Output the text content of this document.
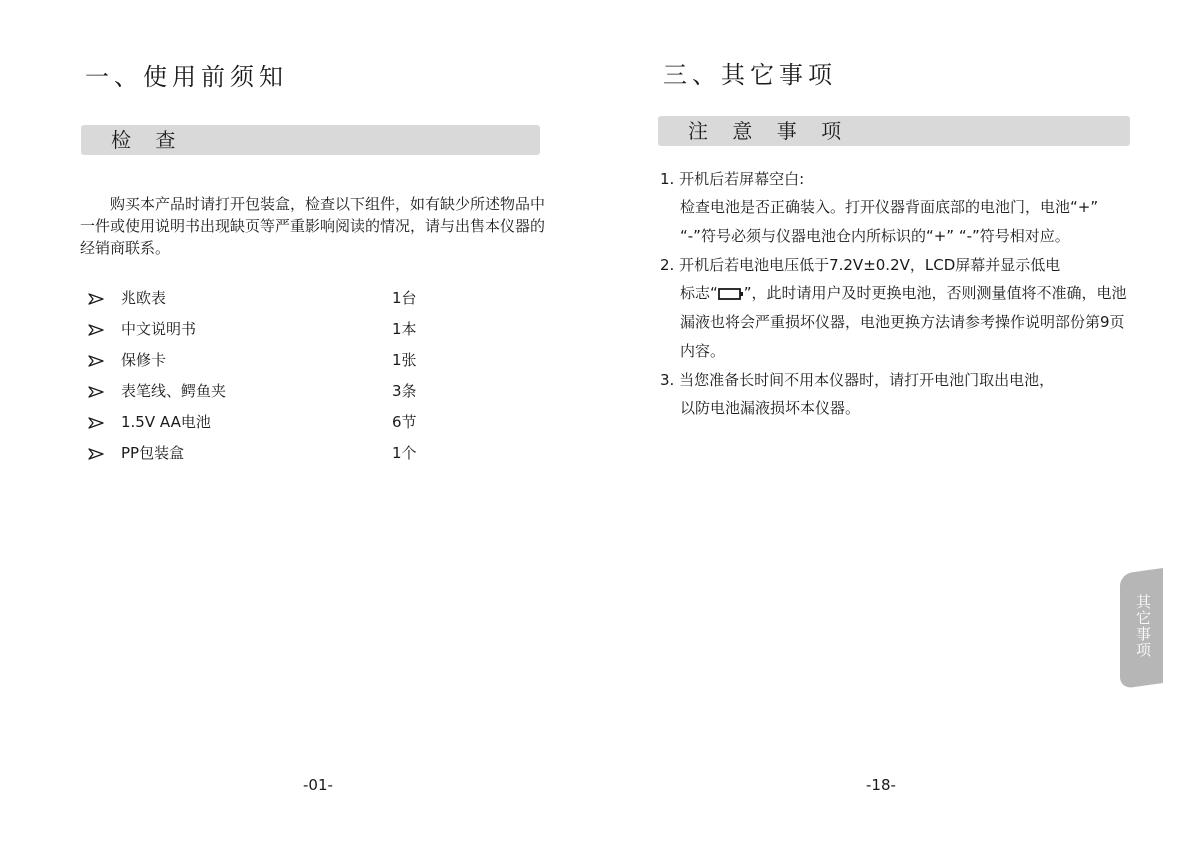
一、使用前须知
检 查

购买本产品时请打开包装盒，检查以下组件，如有缺少所述物品中一件或使用说明书出现缺页等严重影响阅读的情况，请与出售本仪器的经销商联系。

兆欧表	1台
中文说明书	1本
保修卡	1张
表笔线、鳄鱼夹	3条
1.5V AA电池	6节
PP包装盒	1个
-01-
三、其它事项
注 意 事 项
1. 开机后若屏幕空白:
检查电池是否正确装入。打开仪器背面底部的电池门，电池“+” “-”符号必须与仪器电池仓内所标识的“+” “-”符号相对应。
2. 开机后若电池电压低于7.2V±0.2V，LCD屏幕并显示低电
标志“ ”，此时请用户及时更换电池，否则测量值将不准确，电池漏液也将会严重损坏仪器，电池更换方法请参考操作说明部份第9页内容。
3. 当您准备长时间不用本仪器时，请打开电池门取出电池，
以防电池漏液损坏本仪器。
其它事项
-18-
